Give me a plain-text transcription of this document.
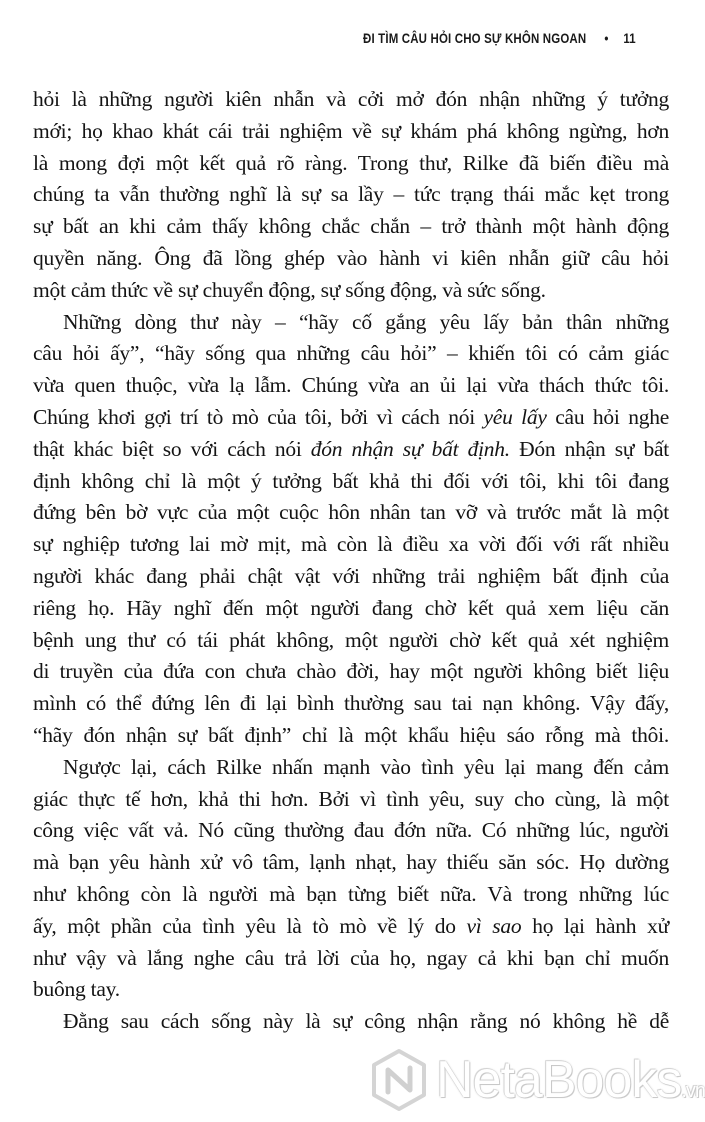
ĐI TÌM CÂU HỎI CHO SỰ KHÔN NGOAN • 11
hỏi là những người kiên nhẫn và cởi mở đón nhận những ý tưởng
mới; họ khao khát cái trải nghiệm về sự khám phá không ngừng, hơn
là mong đợi một kết quả rõ ràng. Trong thư, Rilke đã biến điều mà
chúng ta vẫn thường nghĩ là sự sa lầy – tức trạng thái mắc kẹt trong
sự bất an khi cảm thấy không chắc chắn – trở thành một hành động
quyền năng. Ông đã lồng ghép vào hành vi kiên nhẫn giữ câu hỏi
một cảm thức về sự chuyển động, sự sống động, và sức sống.
Những dòng thư này – “hãy cố gắng yêu lấy bản thân những
câu hỏi ấy”, “hãy sống qua những câu hỏi” – khiến tôi có cảm giác
vừa quen thuộc, vừa lạ lẫm. Chúng vừa an ủi lại vừa thách thức tôi.
Chúng khơi gợi trí tò mò của tôi, bởi vì cách nói yêu lấy câu hỏi nghe
thật khác biệt so với cách nói đón nhận sự bất định. Đón nhận sự bất
định không chỉ là một ý tưởng bất khả thi đối với tôi, khi tôi đang
đứng bên bờ vực của một cuộc hôn nhân tan vỡ và trước mắt là một
sự nghiệp tương lai mờ mịt, mà còn là điều xa vời đối với rất nhiều
người khác đang phải chật vật với những trải nghiệm bất định của
riêng họ. Hãy nghĩ đến một người đang chờ kết quả xem liệu căn
bệnh ung thư có tái phát không, một người chờ kết quả xét nghiệm
di truyền của đứa con chưa chào đời, hay một người không biết liệu
mình có thể đứng lên đi lại bình thường sau tai nạn không. Vậy đấy,
“hãy đón nhận sự bất định” chỉ là một khẩu hiệu sáo rỗng mà thôi.
Ngược lại, cách Rilke nhấn mạnh vào tình yêu lại mang đến cảm
giác thực tế hơn, khả thi hơn. Bởi vì tình yêu, suy cho cùng, là một
công việc vất vả. Nó cũng thường đau đớn nữa. Có những lúc, người
mà bạn yêu hành xử vô tâm, lạnh nhạt, hay thiếu săn sóc. Họ dường
như không còn là người mà bạn từng biết nữa. Và trong những lúc
ấy, một phần của tình yêu là tò mò về lý do vì sao họ lại hành xử
như vậy và lắng nghe câu trả lời của họ, ngay cả khi bạn chỉ muốn
buông tay.
Đằng sau cách sống này là sự công nhận rằng nó không hề dễ
NetaBooks.vn
